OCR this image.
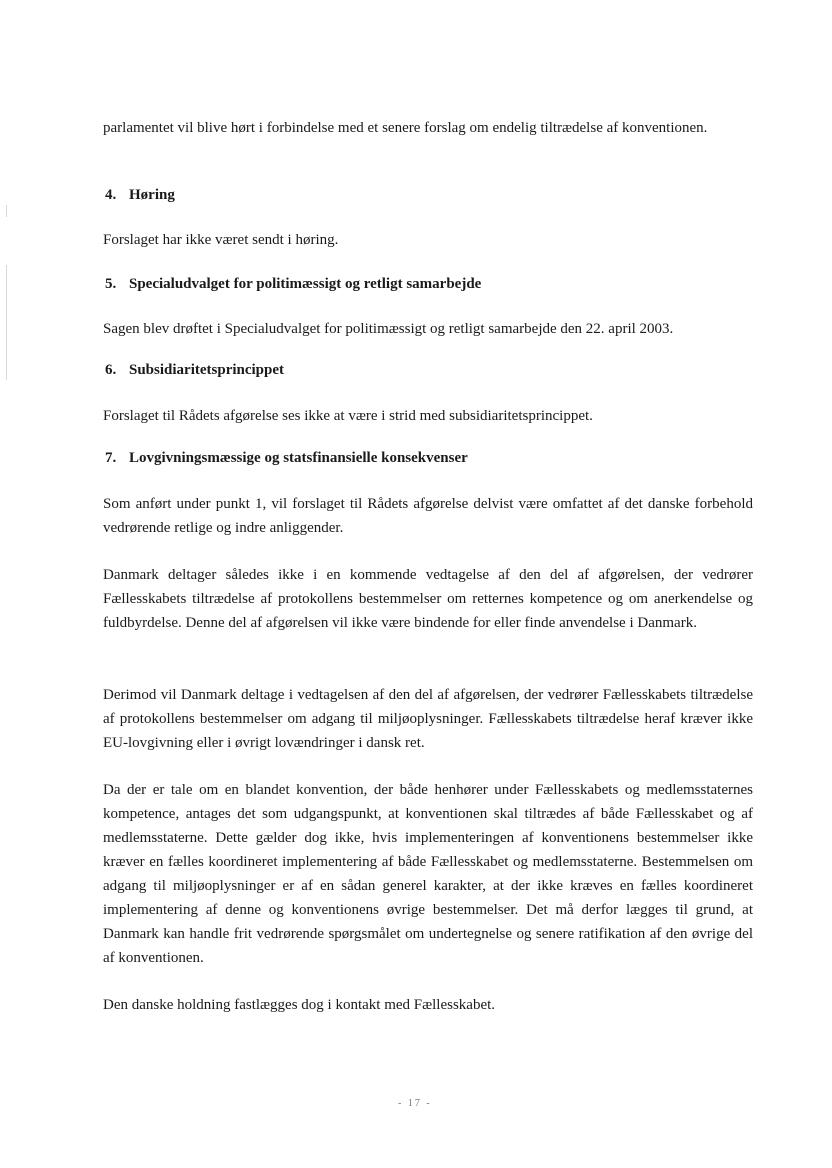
parlamentet vil blive hørt i forbindelse med et senere forslag om endelig tiltrædelse af konventionen.

4. Høring

Forslaget har ikke været sendt i høring.

5. Specialudvalget for politimæssigt og retligt samarbejde

Sagen blev drøftet i Specialudvalget for politimæssigt og retligt samarbejde den 22. april 2003.

6. Subsidiaritetsprincippet

Forslaget til Rådets afgørelse ses ikke at være i strid med subsidiaritetsprincippet.

7. Lovgivningsmæssige og statsfinansielle konsekvenser

Som anført under punkt 1, vil forslaget til Rådets afgørelse delvist være omfattet af det danske forbehold vedrørende retlige og indre anliggender.

Danmark deltager således ikke i en kommende vedtagelse af den del af afgørelsen, der vedrører Fællesskabets tiltrædelse af protokollens bestemmelser om retternes kompetence og om anerkendelse og fuldbyrdelse. Denne del af afgørelsen vil ikke være bindende for eller finde anvendelse i Danmark.

Derimod vil Danmark deltage i vedtagelsen af den del af afgørelsen, der vedrører Fællesskabets tiltrædelse af protokollens bestemmelser om adgang til miljøoplysninger. Fællesskabets tiltrædelse heraf kræver ikke EU-lovgivning eller i øvrigt lovændringer i dansk ret.

Da der er tale om en blandet konvention, der både henhører under Fællesskabets og medlemsstaternes kompetence, antages det som udgangspunkt, at konventionen skal tiltrædes af både Fællesskabet og af medlemsstaterne. Dette gælder dog ikke, hvis implementeringen af konventionens bestemmelser ikke kræver en fælles koordineret implementering af både Fællesskabet og medlemsstaterne. Bestemmelsen om adgang til miljøoplysninger er af en sådan generel karakter, at der ikke kræves en fælles koordineret implementering af denne og konventionens øvrige bestemmelser. Det må derfor lægges til grund, at Danmark kan handle frit vedrørende spørgsmålet om undertegnelse og senere ratifikation af den øvrige del af konventionen.

Den danske holdning fastlægges dog i kontakt med Fællesskabet.

- 17 -
